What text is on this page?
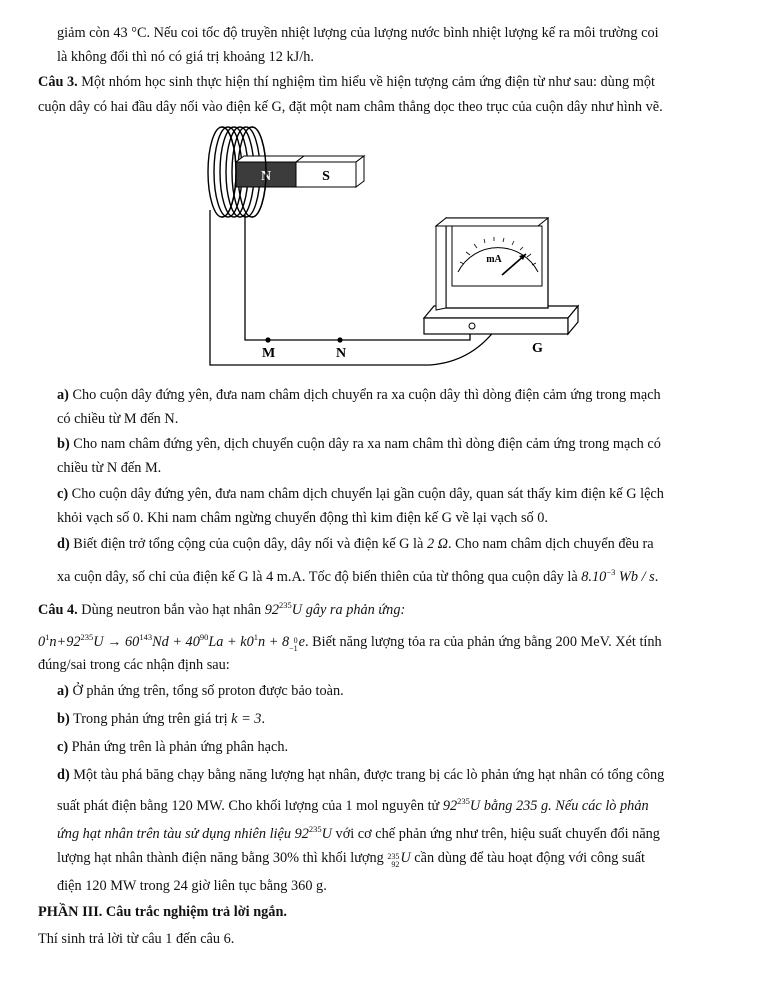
giảm còn 43 °C. Nếu coi tốc độ truyền nhiệt lượng của lượng nước bình nhiệt lượng kế ra môi trường coi
là không đổi thì nó có giá trị khoảng 12 kJ/h.
Câu 3. Một nhóm học sinh thực hiện thí nghiệm tìm hiểu về hiện tượng cảm ứng điện từ như sau: dùng một
cuộn dây có hai đầu dây nối vào điện kế G, đặt một nam châm thẳng dọc theo trục của cuộn dây như hình vẽ.
N	S
mA
G
M	N
a) Cho cuộn dây đứng yên, đưa nam châm dịch chuyển ra xa cuộn dây thì dòng điện cảm ứng trong mạch
có chiều từ M đến N.
b) Cho nam châm đứng yên, dịch chuyển cuộn dây ra xa nam châm thì dòng điện cảm ứng trong mạch có
chiều từ N đến M.
c) Cho cuộn dây đứng yên, đưa nam châm dịch chuyển lại gần cuộn dây, quan sát thấy kim điện kế G lệch
khỏi vạch số 0. Khi nam châm ngừng chuyển động thì kim điện kế G về lại vạch số 0.
d) Biết điện trở tổng cộng của cuộn dây, dây nối và điện kế G là 2 Ω. Cho nam châm dịch chuyển đều ra
xa cuộn dây, số chỉ của điện kế G là 4 m.A. Tốc độ biến thiên của từ thông qua cuộn dây là $8.10^{-3}$ Wb / s.
Câu 4. Dùng neutron bắn vào hạt nhân $92^{235}U$ gây ra phản ứng:
$0^1n+92^{235}U \to 60^{143}Nd + 40^{90}La + k0^1n + 8$ 0
−1 e. Biết năng lượng tỏa ra của phản ứng bằng 200 MeV. Xét tính
đúng/sai trong các nhận định sau:
a) Ở phản ứng trên, tổng số proton được bảo toàn.
b) Trong phản ứng trên giá trị k = 3.
c) Phản ứng trên là phản ứng phân hạch.
d) Một tàu phá băng chạy bằng năng lượng hạt nhân, được trang bị các lò phản ứng hạt nhân có tổng công
suất phát điện bằng 120 MW. Cho khối lượng của 1 mol nguyên tử $92^{235}U$ bằng 235 g. Nếu các lò phản
ứng hạt nhân trên tàu sử dụng nhiên liệu $92^{235}U$ với cơ chế phản ứng như trên, hiệu suất chuyển đổi năng
lượng hạt nhân thành điện năng bằng 30% thì khối lượng 235
92 U cần dùng để tàu hoạt động với công suất
điện 120 MW trong 24 giờ liên tục bằng 360 g.
PHẦN III. Câu trắc nghiệm trả lời ngắn.
Thí sinh trả lời từ câu 1 đến câu 6.
